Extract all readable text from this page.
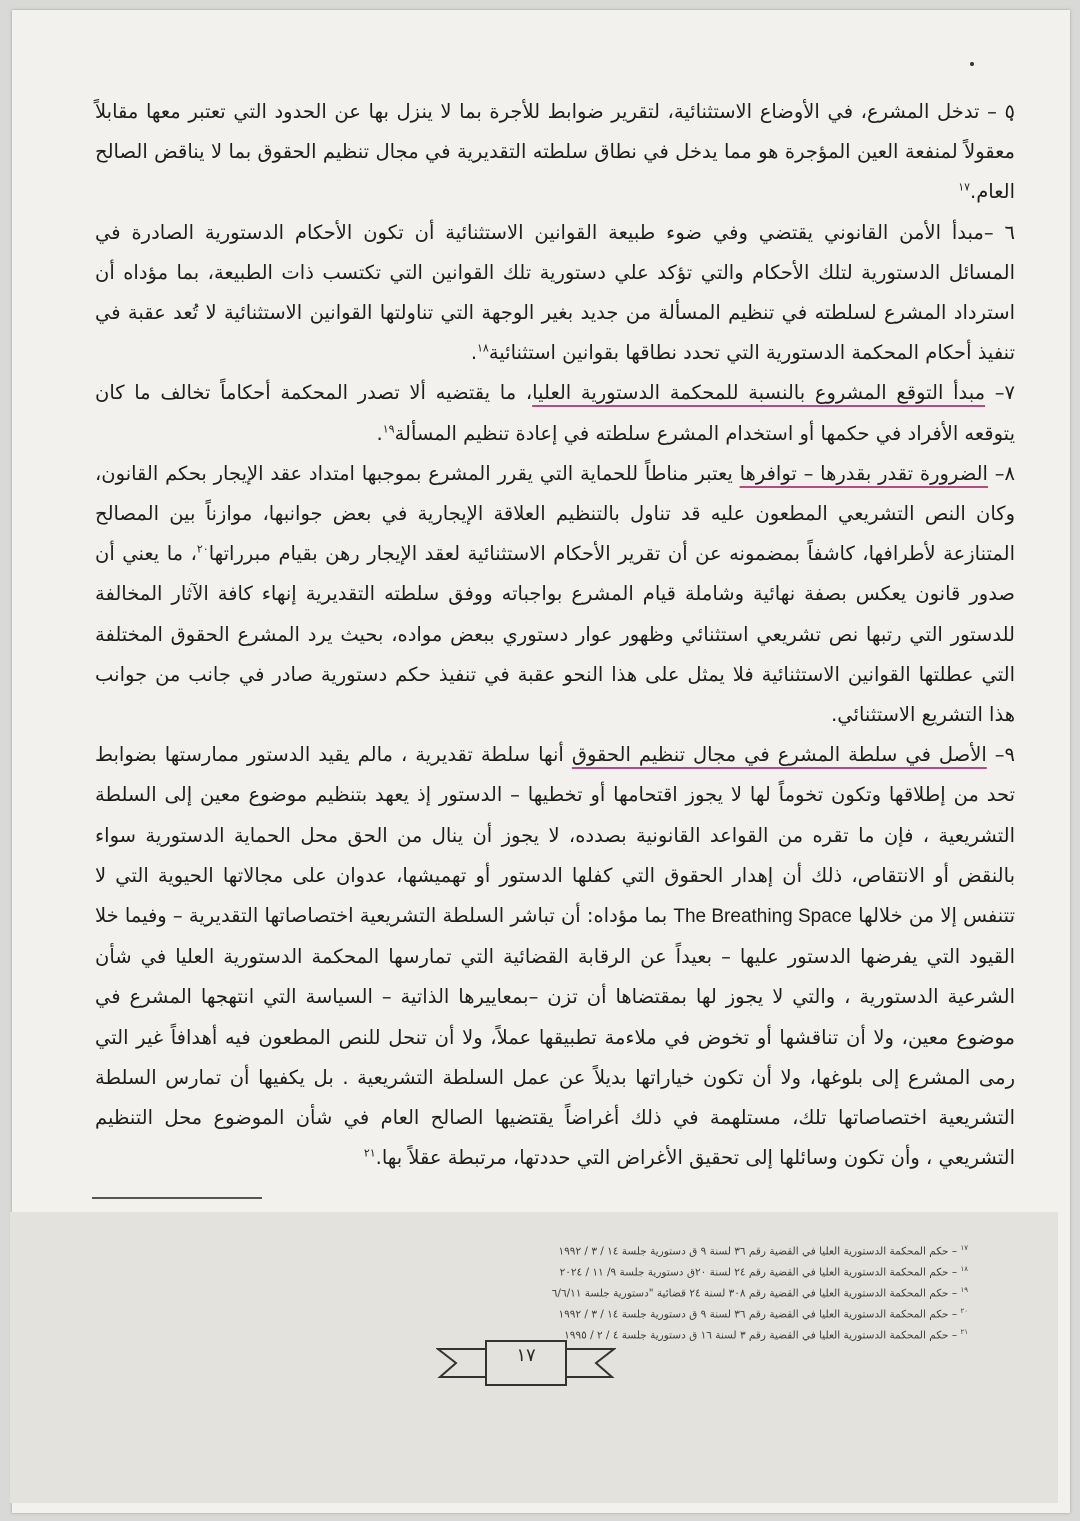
٥ – تدخل المشرع، في الأوضاع الاستثنائية، لتقرير ضوابط للأجرة بما لا ينزل بها عن الحدود التي تعتبر معها مقابلاً معقولاً لمنفعة العين المؤجرة هو مما يدخل في نطاق سلطته التقديرية في مجال تنظيم الحقوق بما لا يناقض الصالح العام.$^{١٧}$

٦ –مبدأ الأمن القانوني يقتضي وفي ضوء طبيعة القوانين الاستثنائية أن تكون الأحكام الدستورية الصادرة في المسائل الدستورية لتلك الأحكام والتي تؤكد علي دستورية تلك القوانين التي تكتسب ذات الطبيعة، بما مؤداه أن استرداد المشرع لسلطته في تنظيم المسألة من جديد بغير الوجهة التي تناولتها القوانين الاستثنائية لا تُعد عقبة في تنفيذ أحكام المحكمة الدستورية التي تحدد نطاقها بقوانين استثنائية$^{١٨}$.

٧– مبدأ التوقع المشروع بالنسبة للمحكمة الدستورية العليا، ما يقتضيه ألا تصدر المحكمة أحكاماً تخالف ما كان يتوقعه الأفراد في حكمها أو استخدام المشرع سلطته في إعادة تنظيم المسألة$^{١٩}$.

٨– الضرورة تقدر بقدرها – توافرها يعتبر مناطاً للحماية التي يقرر المشرع بموجبها امتداد عقد الإيجار بحكم القانون، وكان النص التشريعي المطعون عليه قد تناول بالتنظيم العلاقة الإيجارية في بعض جوانبها، موازناً بين المصالح المتنازعة لأطرافها، كاشفاً بمضمونه عن أن تقرير الأحكام الاستثنائية لعقد الإيجار رهن بقيام مبرراتها$^{٢٠}$، ما يعني أن صدور قانون يعكس بصفة نهائية وشاملة قيام المشرع بواجباته ووفق سلطته التقديرية إنهاء كافة الآثار المخالفة للدستور التي رتبها نص تشريعي استثنائي وظهور عوار دستوري ببعض مواده، بحيث يرد المشرع الحقوق المختلفة التي عطلتها القوانين الاستثنائية فلا يمثل على هذا النحو عقبة في تنفيذ حكم دستورية صادر في جانب من جوانب هذا التشريع الاستثنائي.

٩– الأصل في سلطة المشرع في مجال تنظيم الحقوق أنها سلطة تقديرية ، مالم يقيد الدستور ممارستها بضوابط تحد من إطلاقها وتكون تخوماً لها لا يجوز اقتحامها أو تخطيها – الدستور إذ يعهد بتنظيم موضوع معين إلى السلطة التشريعية ، فإن ما تقره من القواعد القانونية بصدده، لا يجوز أن ينال من الحق محل الحماية الدستورية سواء بالنقض أو الانتقاص، ذلك أن إهدار الحقوق التي كفلها الدستور أو تهميشها، عدوان على مجالاتها الحيوية التي لا تتنفس إلا من خلالها The Breathing Space بما مؤداه: أن تباشر السلطة التشريعية اختصاصاتها التقديرية – وفيما خلا القيود التي يفرضها الدستور عليها – بعيداً عن الرقابة القضائية التي تمارسها المحكمة الدستورية العليا في شأن الشرعية الدستورية ، والتي لا يجوز لها بمقتضاها أن تزن –بمعاييرها الذاتية – السياسة التي انتهجها المشرع في موضوع معين، ولا أن تناقشها أو تخوض في ملاءمة تطبيقها عملاً، ولا أن تنحل للنص المطعون فيه أهدافاً غير التي رمى المشرع إلى بلوغها، ولا أن تكون خياراتها بديلاً عن عمل السلطة التشريعية . بل يكفيها أن تمارس السلطة التشريعية اختصاصاتها تلك، مستلهمة في ذلك أغراضاً يقتضيها الصالح العام في شأن الموضوع محل التنظيم التشريعي ، وأن تكون وسائلها إلى تحقيق الأغراض التي حددتها، مرتبطة عقلاً بها.$^{٢١}$

$^{١٧}$ – حكم المحكمة الدستورية العليا في القضية رقم ٣٦ لسنة ٩ ق دستورية جلسة ١٤ / ٣ / ١٩٩٢

$^{١٨}$ – حكم المحكمة الدستورية العليا في القضية رقم ٢٤ لسنة ٢٠ق دستورية جلسة ٩/ ١١ / ٢٠٢٤

$^{١٩}$ – حكم المحكمة الدستورية العليا في القضية رقم ٣٠٨ لسنة ٢٤ قضائية "دستورية جلسة ٦/٦/١١

$^{٢٠}$ – حكم المحكمة الدستورية العليا في القضية رقم ٣٦ لسنة ٩ ق دستورية جلسة ١٤ / ٣ / ١٩٩٢

$^{٢١}$ – حكم المحكمة الدستورية العليا في القضية رقم ٣ لسنة ١٦ ق دستورية جلسة ٤ / ٢ / ١٩٩٥

١٧
